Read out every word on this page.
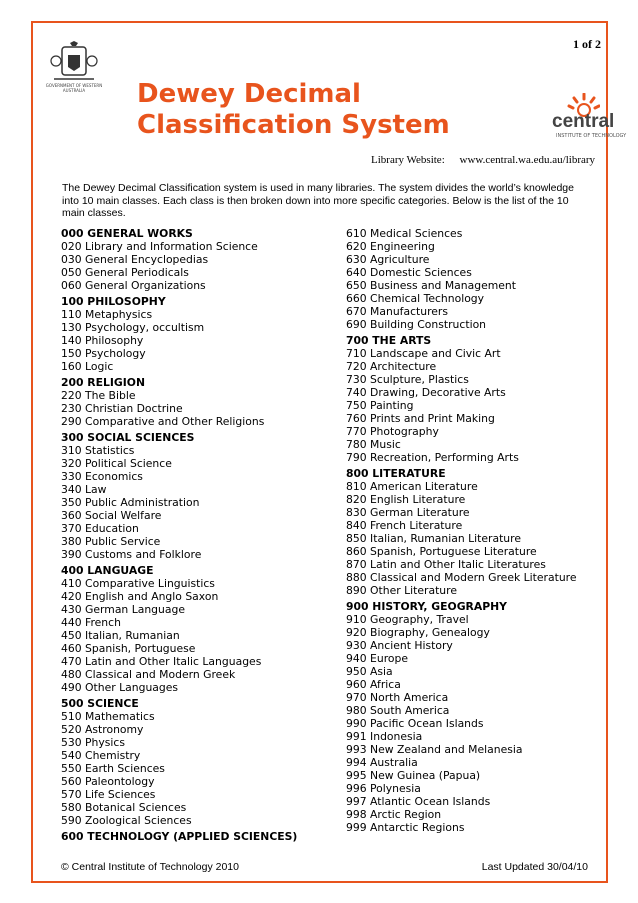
1 of 2
GOVERNMENT OF WESTERN AUSTRALIA	Dewey Decimal
Classification System	central
INSTITUTE OF TECHNOLOGY
Library Website: www.central.wa.edu.au/library
The Dewey Decimal Classification system is used in many libraries. The system divides the world’s knowledge into 10 main classes. Each class is then broken down into more specific categories. Below is the list of the 10 main classes.
000 GENERAL WORKS
020 Library and Information Science
030 General Encyclopedias
050 General Periodicals
060 General Organizations
100 PHILOSOPHY
110 Metaphysics
130 Psychology, occultism
140 Philosophy
150 Psychology
160 Logic
200 RELIGION
220 The Bible
230 Christian Doctrine
290 Comparative and Other Religions
300 SOCIAL SCIENCES
310 Statistics
320 Political Science
330 Economics
340 Law
350 Public Administration
360 Social Welfare
370 Education
380 Public Service
390 Customs and Folklore
400 LANGUAGE
410 Comparative Linguistics
420 English and Anglo Saxon
430 German Language
440 French
450 Italian, Rumanian
460 Spanish, Portuguese
470 Latin and Other Italic Languages
480 Classical and Modern Greek
490 Other Languages
500 SCIENCE
510 Mathematics
520 Astronomy
530 Physics
540 Chemistry
550 Earth Sciences
560 Paleontology
570 Life Sciences
580 Botanical Sciences
590 Zoological Sciences
600 TECHNOLOGY (APPLIED SCIENCES)
610 Medical Sciences
620 Engineering
630 Agriculture
640 Domestic Sciences
650 Business and Management
660 Chemical Technology
670 Manufacturers
690 Building Construction
700 THE ARTS
710 Landscape and Civic Art
720 Architecture
730 Sculpture, Plastics
740 Drawing, Decorative Arts
750 Painting
760 Prints and Print Making
770 Photography
780 Music
790 Recreation, Performing Arts
800 LITERATURE
810 American Literature
820 English Literature
830 German Literature
840 French Literature
850 Italian, Rumanian Literature
860 Spanish, Portuguese Literature
870 Latin and Other Italic Literatures
880 Classical and Modern Greek Literature
890 Other Literature
900 HISTORY, GEOGRAPHY
910 Geography, Travel
920 Biography, Genealogy
930 Ancient History
940 Europe
950 Asia
960 Africa
970 North America
980 South America
990 Pacific Ocean Islands
991 Indonesia
993 New Zealand and Melanesia
994 Australia
995 New Guinea (Papua)
996 Polynesia
997 Atlantic Ocean Islands
998 Arctic Region
999 Antarctic Regions
© Central Institute of Technology 2010	Last Updated 30/04/10
